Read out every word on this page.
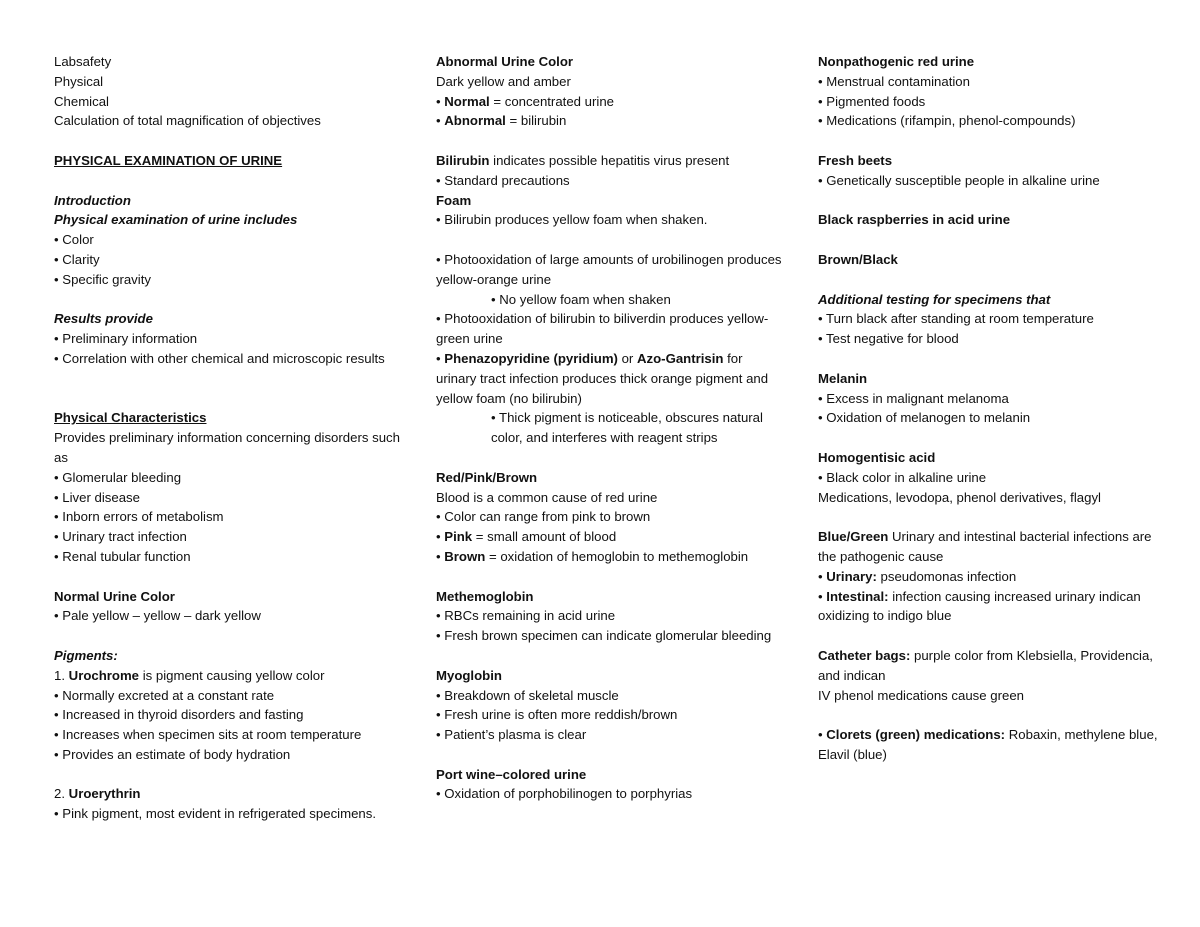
Labsafety
Physical
Chemical
Calculation of total magnification of objectives
PHYSICAL EXAMINATION OF URINE
Introduction
Physical examination of urine includes
• Color
• Clarity
• Specific gravity
Results provide
• Preliminary information
• Correlation with other chemical and microscopic results
Physical Characteristics
Provides preliminary information concerning disorders such as
• Glomerular bleeding
• Liver disease
• Inborn errors of metabolism
• Urinary tract infection
• Renal tubular function
Normal Urine Color
• Pale yellow – yellow – dark yellow
Pigments:
1. Urochrome is pigment causing yellow color
• Normally excreted at a constant rate
• Increased in thyroid disorders and fasting
• Increases when specimen sits at room temperature
• Provides an estimate of body hydration
2. Uroerythrin
• Pink pigment, most evident in refrigerated specimens.
Abnormal Urine Color
Dark yellow and amber
• Normal = concentrated urine
• Abnormal = bilirubin
Bilirubin indicates possible hepatitis virus present
• Standard precautions
Foam
• Bilirubin produces yellow foam when shaken.
• Photooxidation of large amounts of urobilinogen produces yellow-orange urine
• No yellow foam when shaken
• Photooxidation of bilirubin to biliverdin produces yellow-green urine
• Phenazopyridine (pyridium) or Azo-Gantrisin for urinary tract infection produces thick orange pigment and yellow foam (no bilirubin)
• Thick pigment is noticeable, obscures natural color, and interferes with reagent strips
Red/Pink/Brown
Blood is a common cause of red urine
• Color can range from pink to brown
• Pink = small amount of blood
• Brown = oxidation of hemoglobin to methemoglobin
Methemoglobin
• RBCs remaining in acid urine
• Fresh brown specimen can indicate glomerular bleeding
Myoglobin
• Breakdown of skeletal muscle
• Fresh urine is often more reddish/brown
• Patient’s plasma is clear
Port wine–colored urine
• Oxidation of porphobilinogen to porphyrias
Nonpathogenic red urine
• Menstrual contamination
• Pigmented foods
• Medications (rifampin, phenol-compounds)
Fresh beets
• Genetically susceptible people in alkaline urine
Black raspberries in acid urine
Brown/Black
Additional testing for specimens that
• Turn black after standing at room temperature
• Test negative for blood
Melanin
• Excess in malignant melanoma
• Oxidation of melanogen to melanin
Homogentisic acid
• Black color in alkaline urine
Medications, levodopa, phenol derivatives, flagyl
Blue/Green Urinary and intestinal bacterial infections are the pathogenic cause
• Urinary: pseudomonas infection
• Intestinal: infection causing increased urinary indican oxidizing to indigo blue
Catheter bags: purple color from Klebsiella, Providencia, and indican
IV phenol medications cause green
• Clorets (green) medications: Robaxin, methylene blue, Elavil (blue)
